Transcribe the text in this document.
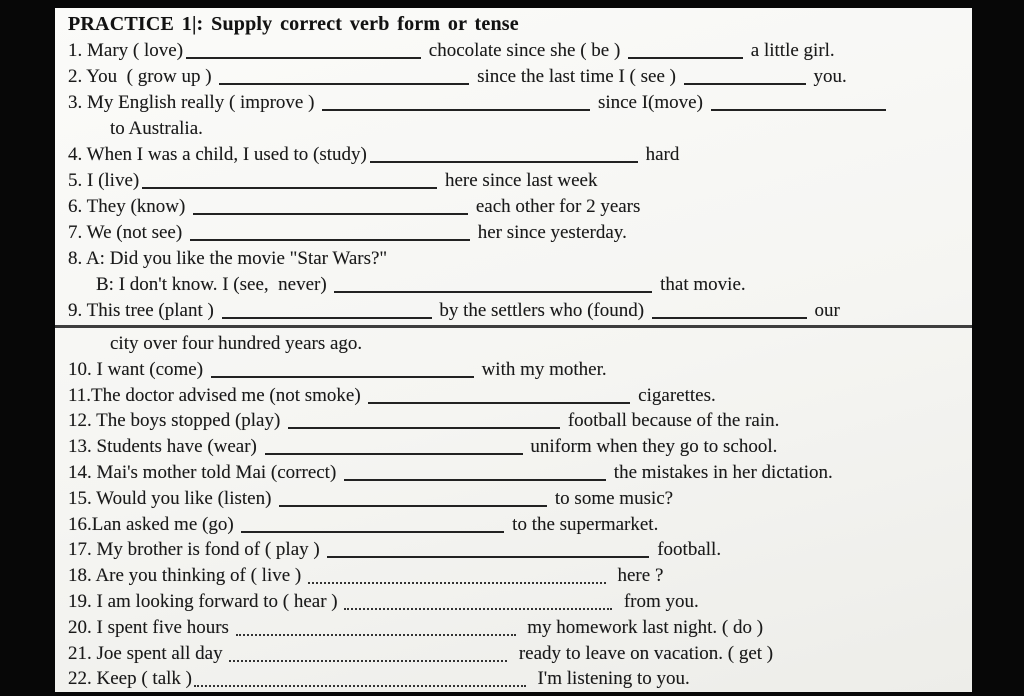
PRACTICE 1|: Supply correct verb form or tense
1. Mary ( love)	chocolate since she ( be )	a little girl.
2. You  ( grow up )	since the last time I ( see )	you.
3. My English really ( improve )	since I(move)
to Australia.
4. When I was a child, I used to (study)	hard
5. I (live)	here since last week
6. They (know)	each other for 2 years
7. We (not see)	her since yesterday.
8. A: Did you like the movie "Star Wars?"
B: I don't know. I (see,  never)	that movie.
9. This tree (plant )	by the settlers who (found)	our
city over four hundred years ago.
10. I want (come)	with my mother.
11.The doctor advised me (not smoke)	cigarettes.
12. The boys stopped (play)	football because of the rain.
13. Students have (wear)	uniform when they go to school.
14. Mai's mother told Mai (correct)	the mistakes in her dictation.
15. Would you like (listen)	to some music?
16.Lan asked me (go)	to the supermarket.
17. My brother is fond of ( play )	football.
18. Are you thinking of ( live )	here ?
19. I am looking forward to ( hear )	from you.
20. I spent five hours	my homework last night. ( do )
21. Joe spent all day	ready to leave on vacation. ( get )
22. Keep ( talk )	I'm listening to you.
